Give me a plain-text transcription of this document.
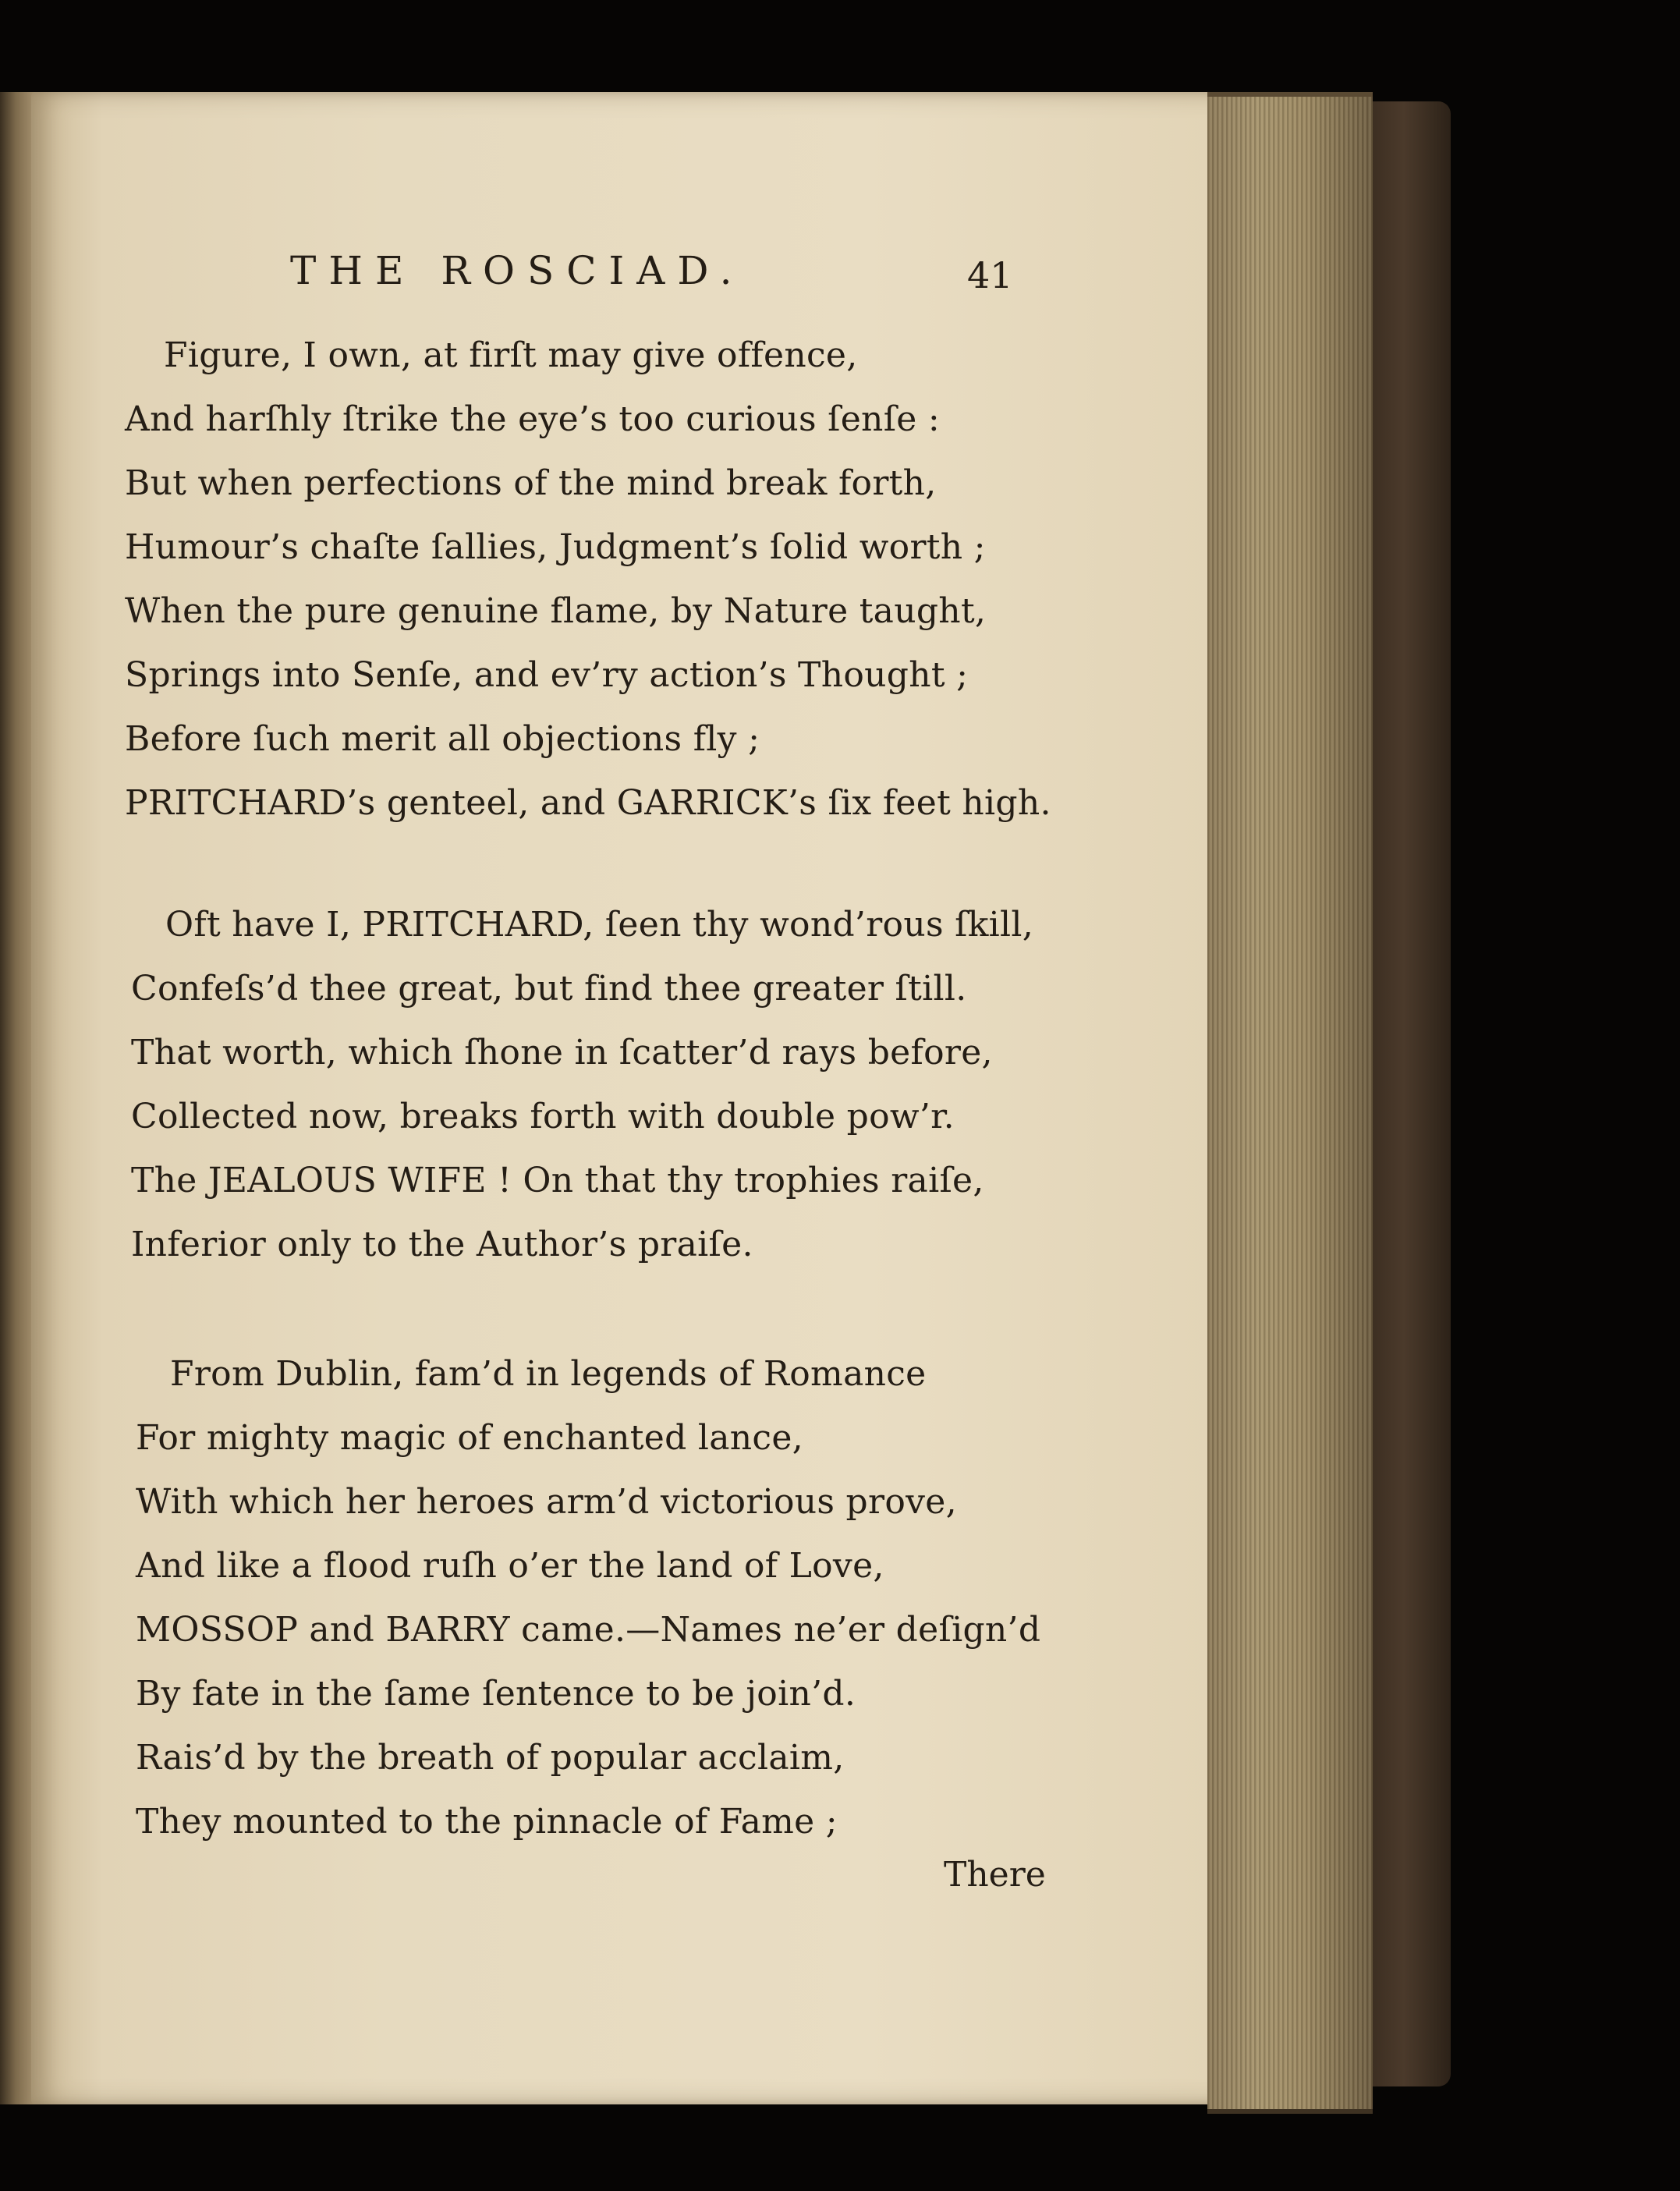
THE ROSCIAD.	41
Figure, I own, at firſt may give offence,
And harſhly ſtrike the eye’s too curious ſenſe :
But when perfections of the mind break forth,
Humour’s chaſte ſallies, Judgment’s ſolid worth ;
When the pure genuine flame, by Nature taught,
Springs into Senſe, and ev’ry action’s Thought ;
Before ſuch merit all objections fly ;
PRITCHARD’s genteel, and GARRICK’s ſix feet high.
Oft have I, PRITCHARD, ſeen thy wond’rous ſkill,
Confeſs’d thee great, but find thee greater ſtill.
That worth, which ſhone in ſcatter’d rays before,
Collected now, breaks forth with double pow’r.
The JEALOUS WIFE ! On that thy trophies raiſe,
Inferior only to the Author’s praiſe.
From Dublin, fam’d in legends of Romance
For mighty magic of enchanted lance,
With which her heroes arm’d victorious prove,
And like a flood ruſh o’er the land of Love,
MOSSOP and BARRY came.—Names ne’er deſign’d
By fate in the ſame ſentence to be join’d.
Rais’d by the breath of popular acclaim,
They mounted to the pinnacle of Fame ;
There
